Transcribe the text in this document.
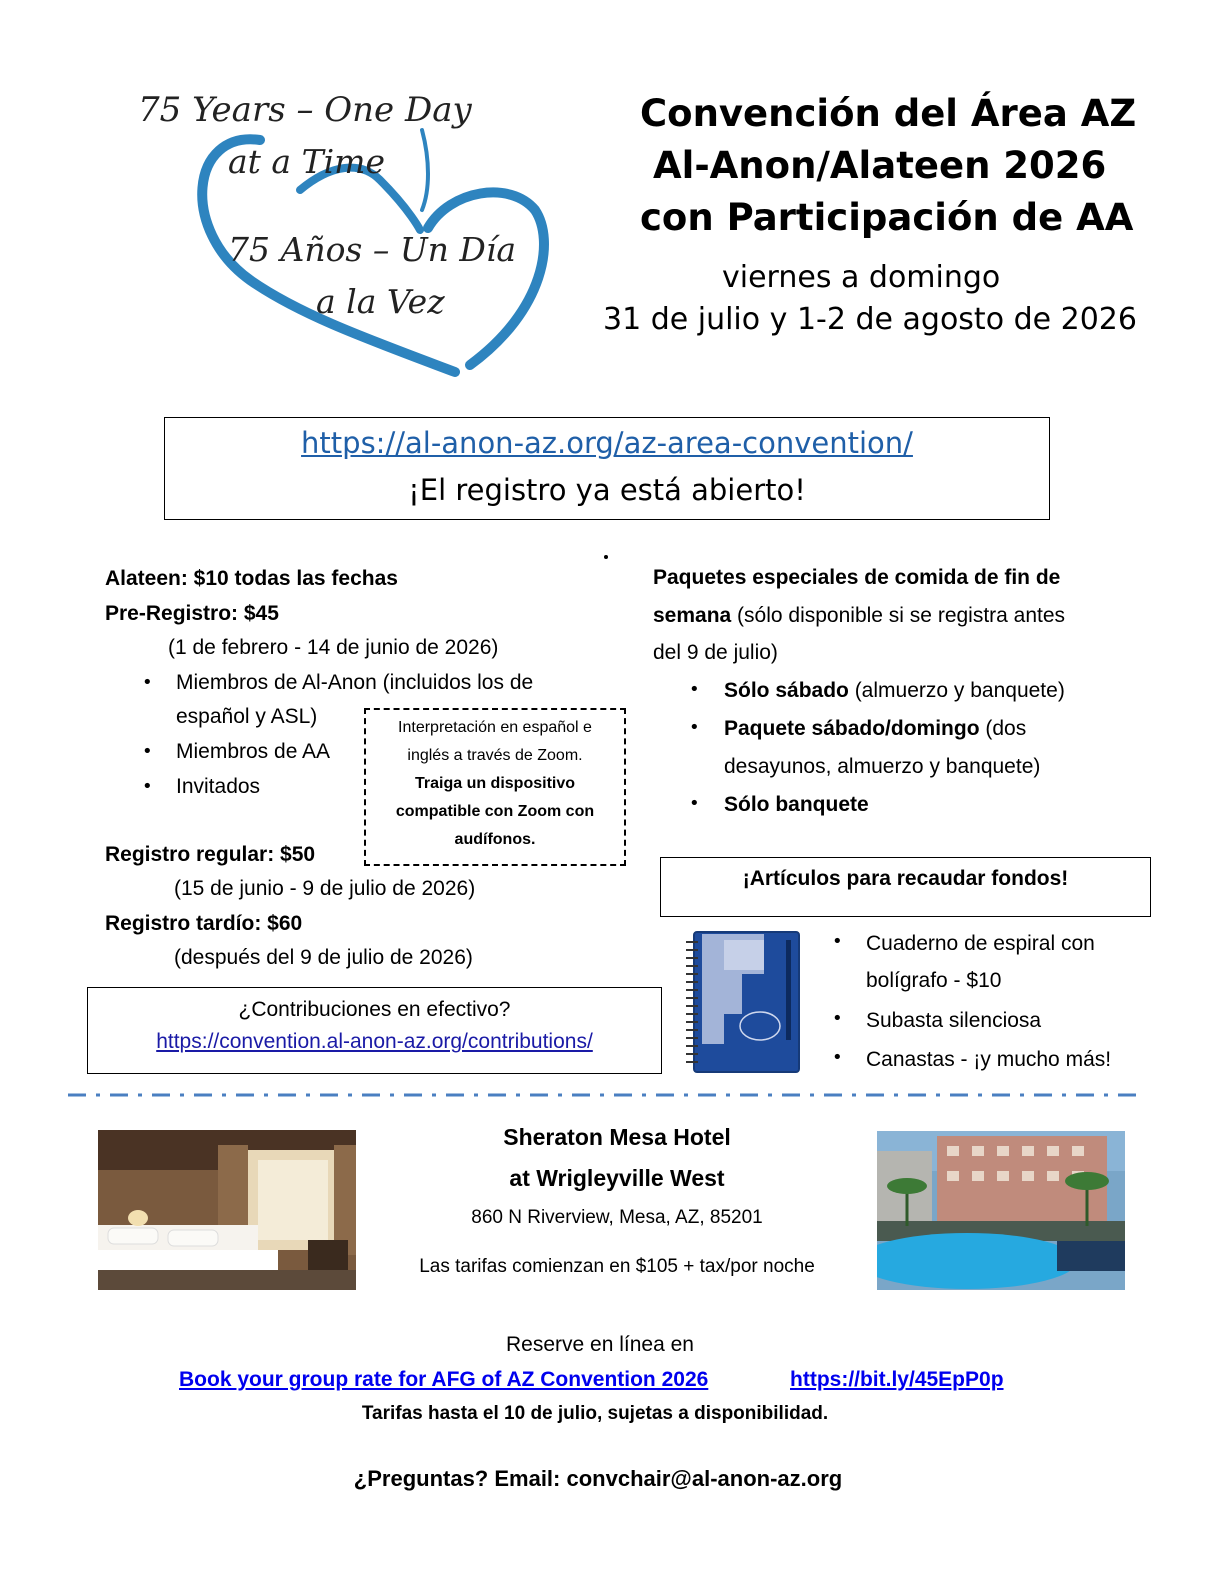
75 Years – One Day
at a Time
75 Años – Un Día
a la Vez
Convención del Área AZ
Al-Anon/Alateen 2026
con Participación de AA
viernes a domingo
31 de julio y 1-2 de agosto de 2026
https://al-anon-az.org/az-area-convention/
¡El registro ya está abierto!
Alateen: $10 todas las fechas
Pre-Registro: $45
(1 de febrero - 14 de junio de 2026)
• Miembros de Al-Anon (incluidos los de
español y ASL)
• Miembros de AA
• Invitados
Registro regular: $50
(15 de junio - 9 de julio de 2026)
Registro tardío: $60
(después del 9 de julio de 2026)
Interpretación en español e
inglés a través de Zoom.
Traiga un dispositivo
compatible con Zoom con
audífonos.
Paquetes especiales de comida de fin de
semana (sólo disponible si se registra antes
del 9 de julio)
• Sólo sábado (almuerzo y banquete)
• Paquete sábado/domingo (dos
desayunos, almuerzo y banquete)
• Sólo banquete
¡Artículos para recaudar fondos!
• Cuaderno de espiral con
bolígrafo - $10
• Subasta silenciosa
• Canastas - ¡y mucho más!
¿Contribuciones en efectivo?
https://convention.al-anon-az.org/contributions/
Sheraton Mesa Hotel
at Wrigleyville West
860 N Riverview, Mesa, AZ, 85201
Las tarifas comienzan en $105 + tax/por noche
Reserve en línea en
Book your group rate for AFG of AZ Convention 2026	https://bit.ly/45EpP0p
Tarifas hasta el 10 de julio, sujetas a disponibilidad.
¿Preguntas? Email: convchair@al-anon-az.org
